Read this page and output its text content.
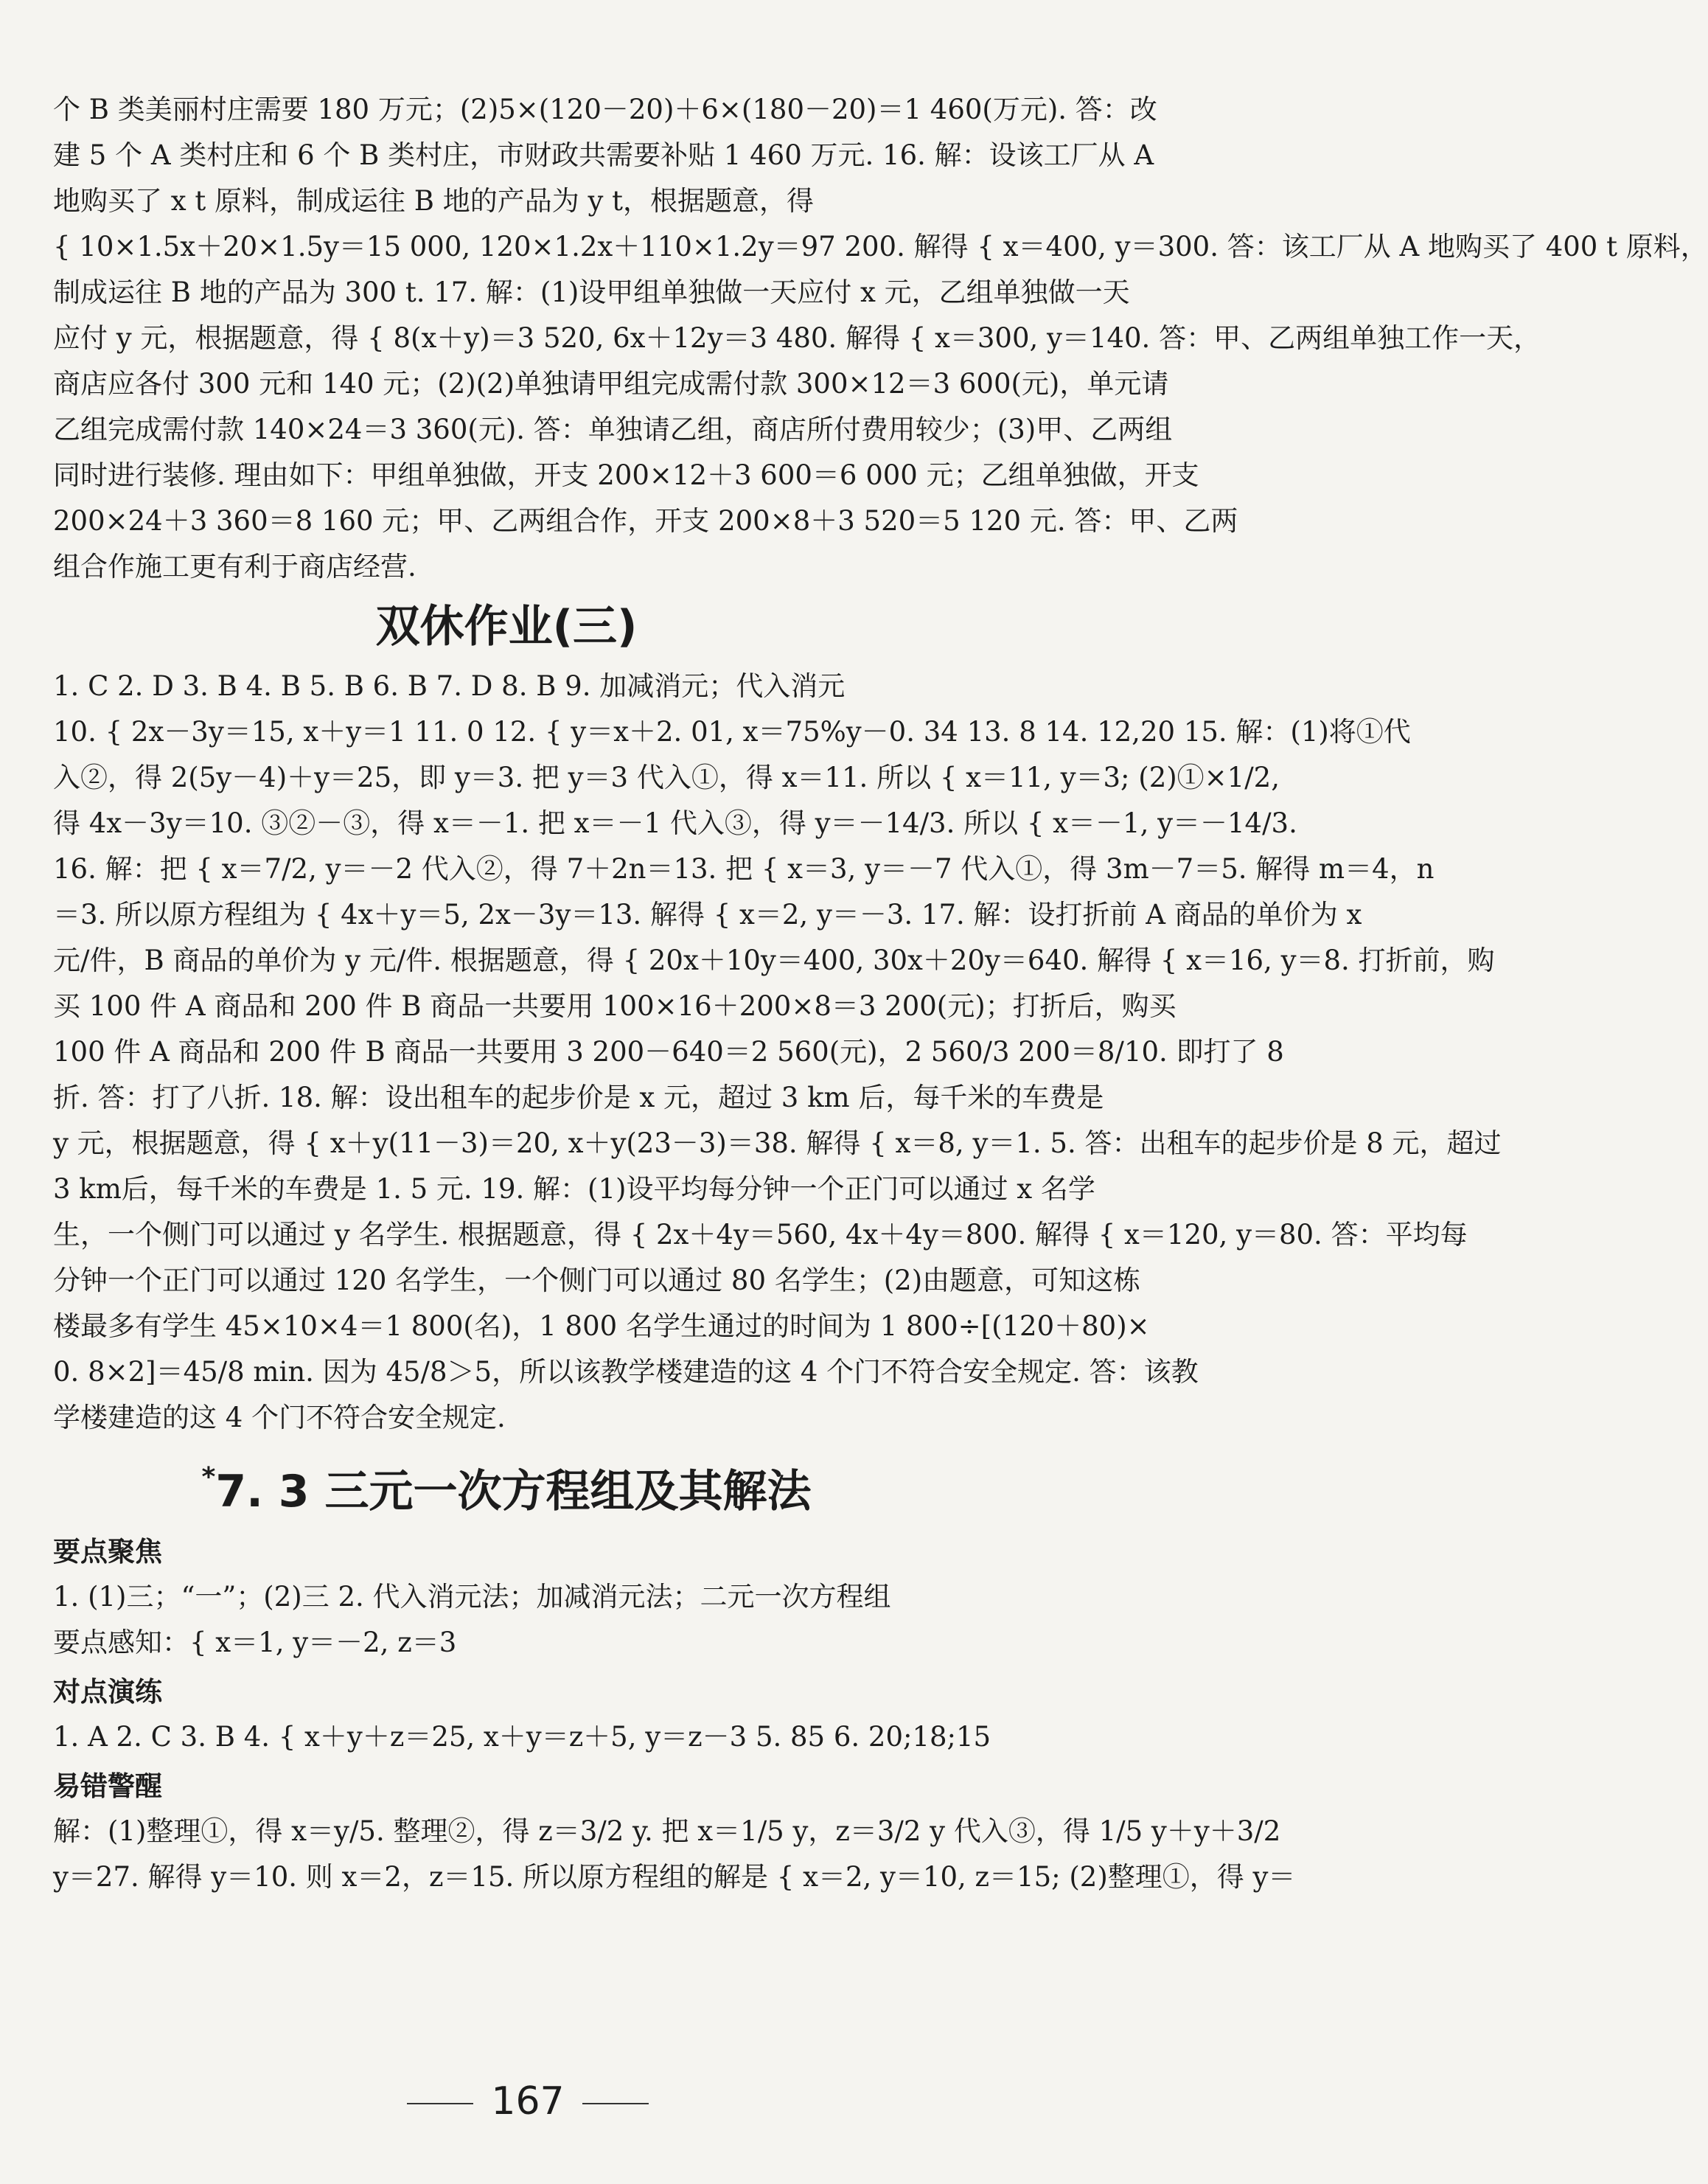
个 B 类美丽村庄需要 180 万元；(2)5×(120－20)＋6×(180－20)＝1 460(万元). 答：改

建 5 个 A 类村庄和 6 个 B 类村庄，市财政共需要补贴 1 460 万元. 16. 解：设该工厂从 A

地购买了 x t 原料，制成运往 B 地的产品为 y t，根据题意，得

{ 10×1.5x＋20×1.5y＝15 000, 120×1.2x＋110×1.2y＝97 200. 解得 { x＝400, y＝300. 答：该工厂从 A 地购买了 400 t 原料，

制成运往 B 地的产品为 300 t. 17. 解：(1)设甲组单独做一天应付 x 元，乙组单独做一天

应付 y 元，根据题意，得 { 8(x＋y)＝3 520, 6x＋12y＝3 480. 解得 { x＝300, y＝140. 答：甲、乙两组单独工作一天，

商店应各付 300 元和 140 元；(2)(2)单独请甲组完成需付款 300×12＝3 600(元)，单元请

乙组完成需付款 140×24＝3 360(元). 答：单独请乙组，商店所付费用较少；(3)甲、乙两组

同时进行装修. 理由如下：甲组单独做，开支 200×12＋3 600＝6 000 元；乙组单独做，开支

200×24＋3 360＝8 160 元；甲、乙两组合作，开支 200×8＋3 520＝5 120 元. 答：甲、乙两

组合作施工更有利于商店经营.

双休作业(三)

1. C 2. D 3. B 4. B 5. B 6. B 7. D 8. B 9. 加减消元；代入消元

10. { 2x－3y＝15, x＋y＝1 11. 0 12. { y＝x＋2. 01, x＝75%y－0. 34 13. 8 14. 12,20 15. 解：(1)将①代

入②，得 2(5y－4)＋y＝25，即 y＝3. 把 y＝3 代入①，得 x＝11. 所以 { x＝11, y＝3; (2)①×1/2,

得 4x－3y＝10. ③②－③，得 x＝－1. 把 x＝－1 代入③，得 y＝－14/3. 所以 { x＝－1, y＝－14/3.

16. 解：把 { x＝7/2, y＝－2 代入②，得 7＋2n＝13. 把 { x＝3, y＝－7 代入①，得 3m－7＝5. 解得 m＝4，n

＝3. 所以原方程组为 { 4x＋y＝5, 2x－3y＝13. 解得 { x＝2, y＝－3. 17. 解：设打折前 A 商品的单价为 x

元/件，B 商品的单价为 y 元/件. 根据题意，得 { 20x＋10y＝400, 30x＋20y＝640. 解得 { x＝16, y＝8. 打折前，购

买 100 件 A 商品和 200 件 B 商品一共要用 100×16＋200×8＝3 200(元)；打折后，购买

100 件 A 商品和 200 件 B 商品一共要用 3 200－640＝2 560(元)，2 560/3 200＝8/10. 即打了 8

折. 答：打了八折. 18. 解：设出租车的起步价是 x 元，超过 3 km 后，每千米的车费是

y 元，根据题意，得 { x＋y(11－3)＝20, x＋y(23－3)＝38. 解得 { x＝8, y＝1. 5. 答：出租车的起步价是 8 元，超过

3 km后，每千米的车费是 1. 5 元. 19. 解：(1)设平均每分钟一个正门可以通过 x 名学

生，一个侧门可以通过 y 名学生. 根据题意，得 { 2x＋4y＝560, 4x＋4y＝800. 解得 { x＝120, y＝80. 答：平均每

分钟一个正门可以通过 120 名学生，一个侧门可以通过 80 名学生；(2)由题意，可知这栋

楼最多有学生 45×10×4＝1 800(名)，1 800 名学生通过的时间为 1 800÷[(120＋80)×

0. 8×2]＝45/8 min. 因为 45/8＞5，所以该教学楼建造的这 4 个门不符合安全规定. 答：该教

学楼建造的这 4 个门不符合安全规定.

*7. 3 三元一次方程组及其解法
要点聚焦

1. (1)三；“一”；(2)三 2. 代入消元法；加减消元法；二元一次方程组

要点感知：{ x＝1, y＝－2, z＝3

对点演练

1. A 2. C 3. B 4. { x＋y＋z＝25, x＋y＝z＋5, y＝z－3 5. 85 6. 20;18;15

易错警醒

解：(1)整理①，得 x＝y/5. 整理②，得 z＝3/2 y. 把 x＝1/5 y，z＝3/2 y 代入③，得 1/5 y＋y＋3/2

y＝27. 解得 y＝10. 则 x＝2，z＝15. 所以原方程组的解是 { x＝2, y＝10, z＝15; (2)整理①，得 y＝

167
